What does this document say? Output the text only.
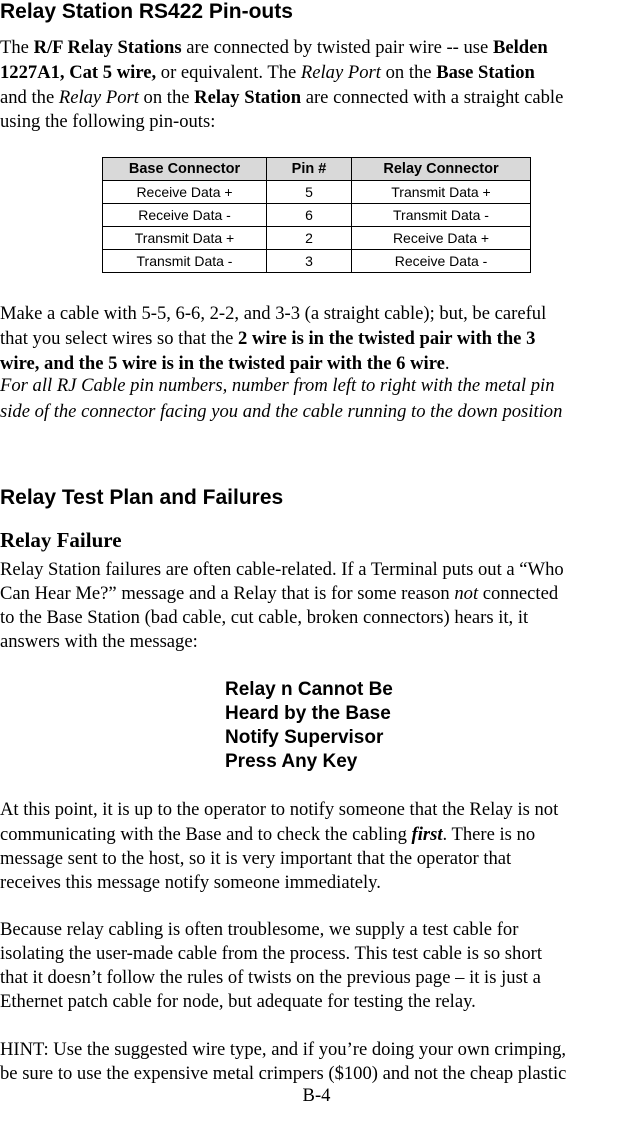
Relay Station RS422 Pin-outs
The R/F Relay Stations are connected by twisted pair wire -- use Belden
1227A1, Cat 5 wire, or equivalent. The Relay Port on the Base Station
and the Relay Port on the Relay Station are connected with a straight cable
using the following pin-outs:
Base Connector	Pin #	Relay Connector
Receive Data +	5	Transmit Data +
Receive Data -	6	Transmit Data -
Transmit Data +	2	Receive Data +
Transmit Data -	3	Receive Data -
Make a cable with 5-5, 6-6, 2-2, and 3-3 (a straight cable); but, be careful
that you select wires so that the 2 wire is in the twisted pair with the 3
wire, and the 5 wire is in the twisted pair with the 6 wire.
For all RJ Cable pin numbers, number from left to right with the metal pin
side of the connector facing you and the cable running to the down position
Relay Test Plan and Failures
Relay Failure
Relay Station failures are often cable-related. If a Terminal puts out a “Who
Can Hear Me?” message and a Relay that is for some reason not connected
to the Base Station (bad cable, cut cable, broken connectors) hears it, it
answers with the message:
Relay n Cannot Be
Heard by the Base
Notify Supervisor
Press Any Key
At this point, it is up to the operator to notify someone that the Relay is not
communicating with the Base and to check the cabling first. There is no
message sent to the host, so it is very important that the operator that
receives this message notify someone immediately.
Because relay cabling is often troublesome, we supply a test cable for
isolating the user-made cable from the process. This test cable is so short
that it doesn’t follow the rules of twists on the previous page – it is just a
Ethernet patch cable for node, but adequate for testing the relay.
HINT: Use the suggested wire type, and if you’re doing your own crimping,
be sure to use the expensive metal crimpers ($100) and not the cheap plastic
B-4
